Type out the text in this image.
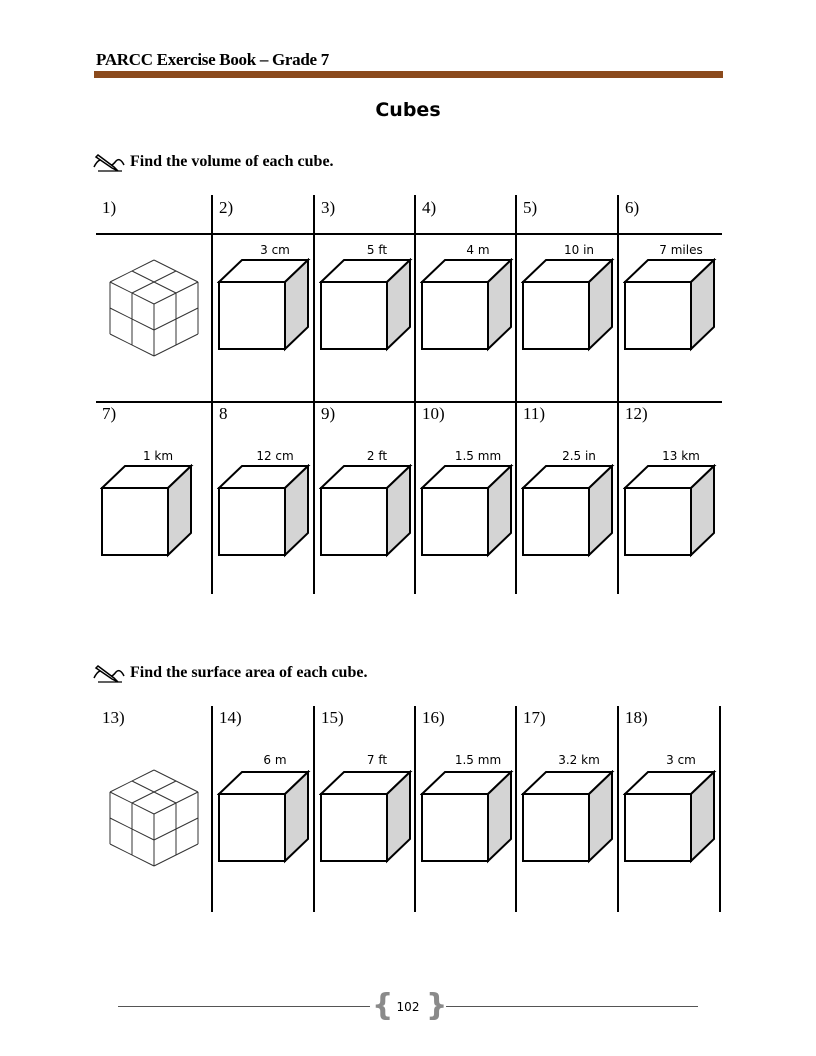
PARCC Exercise Book – Grade 7
Cubes
Find the volume of each cube.
Find the surface area of each cube.
1)	2)
3 cm
3)
5 ft
4)
4 m
5)
10 in
6)
7 miles
7)
1 km
8
12 cm
9)
2 ft
10)
1.5 mm
11)
2.5 in
12)
13 km
13)	14)
6 m
15)
7 ft
16)
1.5 mm
17)
3.2 km
18)
3 cm
{ }
102
